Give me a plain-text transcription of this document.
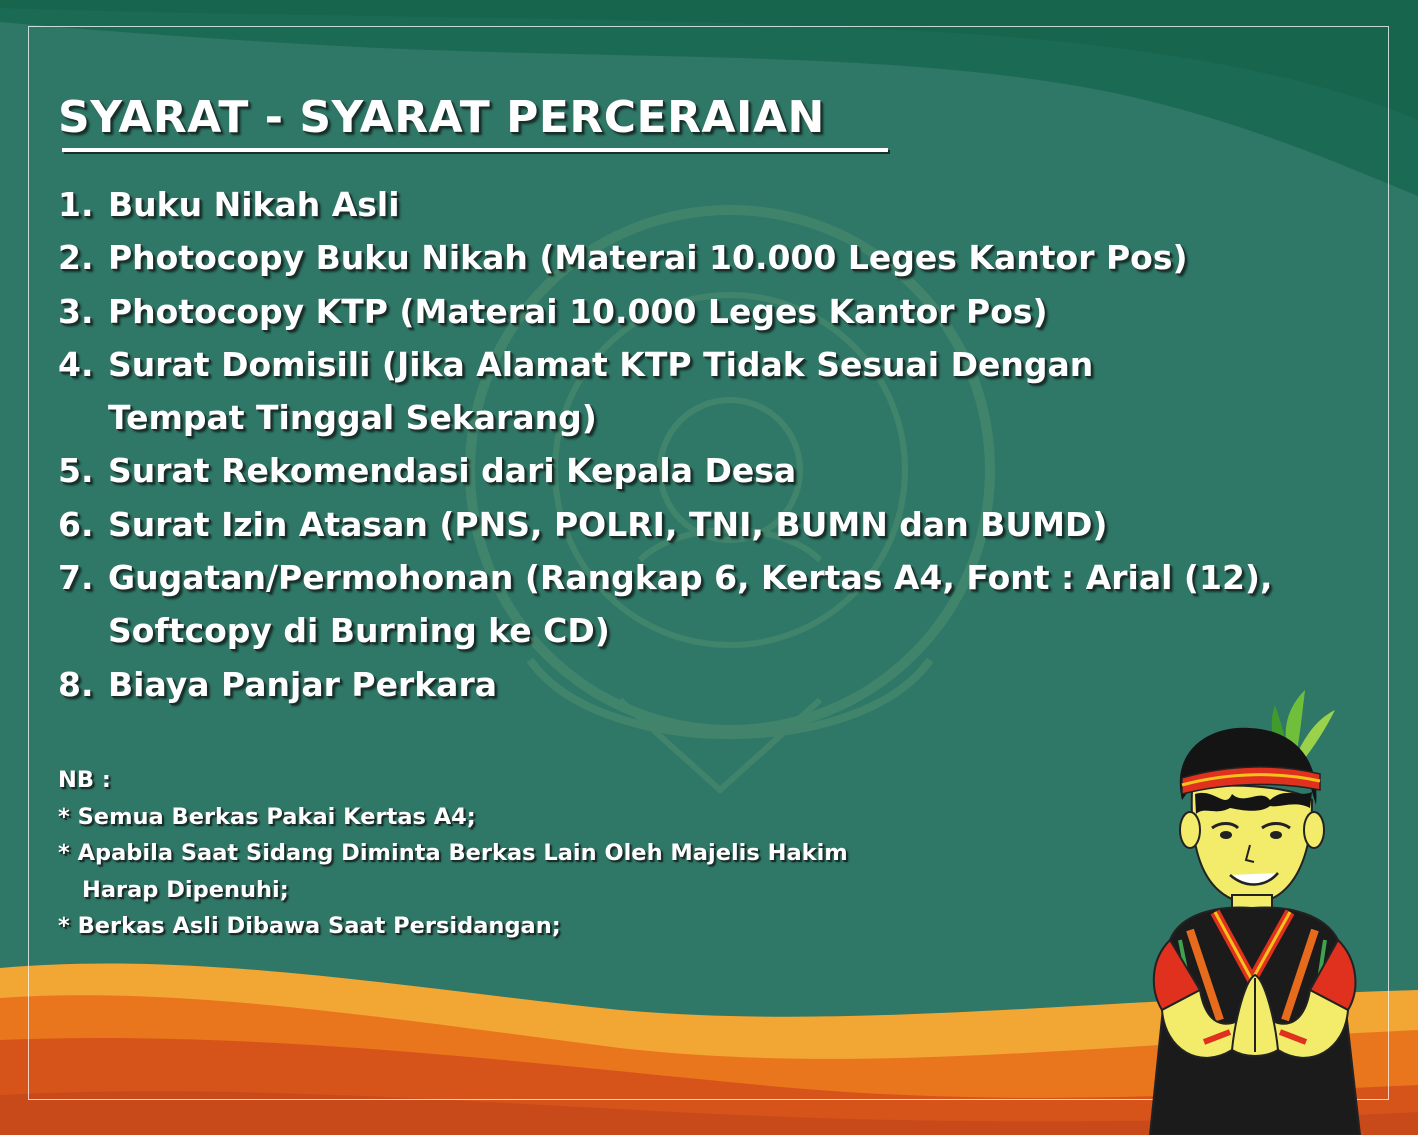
SYARAT - SYARAT PERCERAIAN
1. Buku Nikah Asli
2. Photocopy Buku Nikah (Materai 10.000 Leges Kantor Pos)
3. Photocopy KTP (Materai 10.000 Leges Kantor Pos)
4. Surat Domisili (Jika Alamat KTP Tidak Sesuai Dengan
Tempat Tinggal Sekarang)
5. Surat Rekomendasi dari Kepala Desa
6. Surat Izin Atasan (PNS, POLRI, TNI, BUMN dan BUMD)
7. Gugatan/Permohonan (Rangkap 6, Kertas A4, Font : Arial (12),
Softcopy di Burning ke CD)
8. Biaya Panjar Perkara
NB :
* Semua Berkas Pakai Kertas A4;
* Apabila Saat Sidang Diminta Berkas Lain Oleh Majelis Hakim
Harap Dipenuhi;
* Berkas Asli Dibawa Saat Persidangan;
